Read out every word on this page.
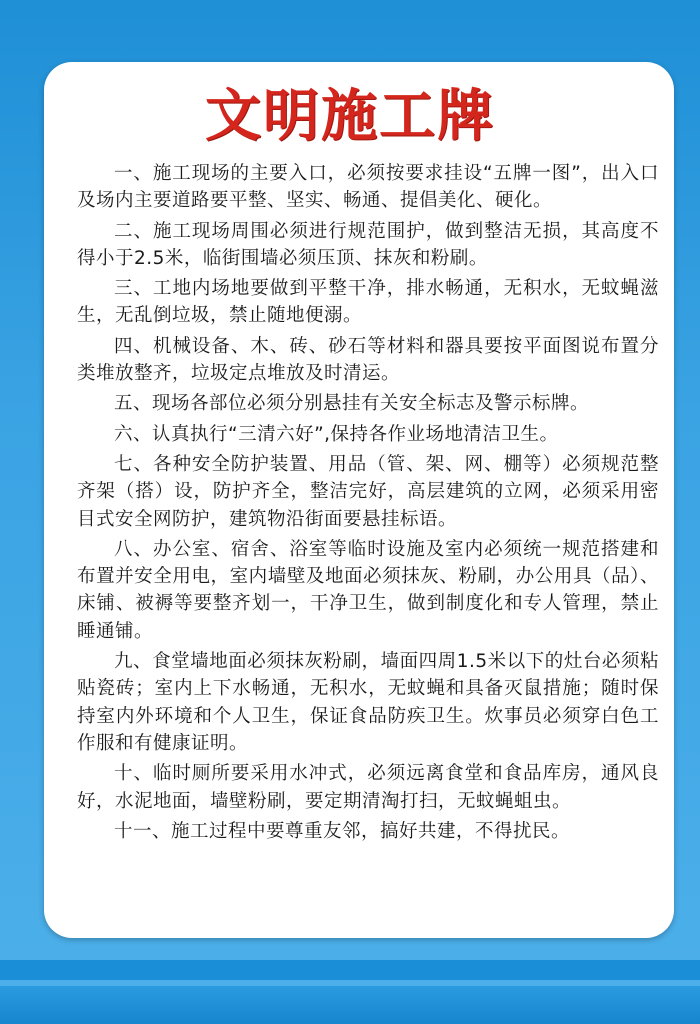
文明施工牌

一、施工现场的主要入口，必须按要求挂设“五牌一图”，出入口及场内主要道路要平整、坚实、畅通、提倡美化、硬化。

二、施工现场周围必须进行规范围护，做到整洁无损，其高度不得小于2.5米，临街围墙必须压顶、抹灰和粉刷。

三、工地内场地要做到平整干净，排水畅通，无积水，无蚊蝇滋生，无乱倒垃圾，禁止随地便溺。

四、机械设备、木、砖、砂石等材料和器具要按平面图说布置分类堆放整齐，垃圾定点堆放及时清运。

五、现场各部位必须分别悬挂有关安全标志及警示标牌。

六、认真执行“三清六好”,保持各作业场地清洁卫生。

七、各种安全防护装置、用品（管、架、网、棚等）必须规范整齐架（搭）设，防护齐全，整洁完好，高层建筑的立网，必须采用密目式安全网防护，建筑物沿街面要悬挂标语。

八、办公室、宿舍、浴室等临时设施及室内必须统一规范搭建和布置并安全用电，室内墙壁及地面必须抹灰、粉刷，办公用具（品）、床铺、被褥等要整齐划一，干净卫生，做到制度化和专人管理，禁止睡通铺。

九、食堂墙地面必须抹灰粉刷，墙面四周1.5米以下的灶台必须粘贴瓷砖；室内上下水畅通，无积水，无蚊蝇和具备灭鼠措施；随时保持室内外环境和个人卫生，保证食品防疾卫生。炊事员必须穿白色工作服和有健康证明。

十、临时厕所要采用水冲式，必须远离食堂和食品库房，通风良好，水泥地面，墙壁粉刷，要定期清淘打扫，无蚊蝇蛆虫。

十一、施工过程中要尊重友邻，搞好共建，不得扰民。
